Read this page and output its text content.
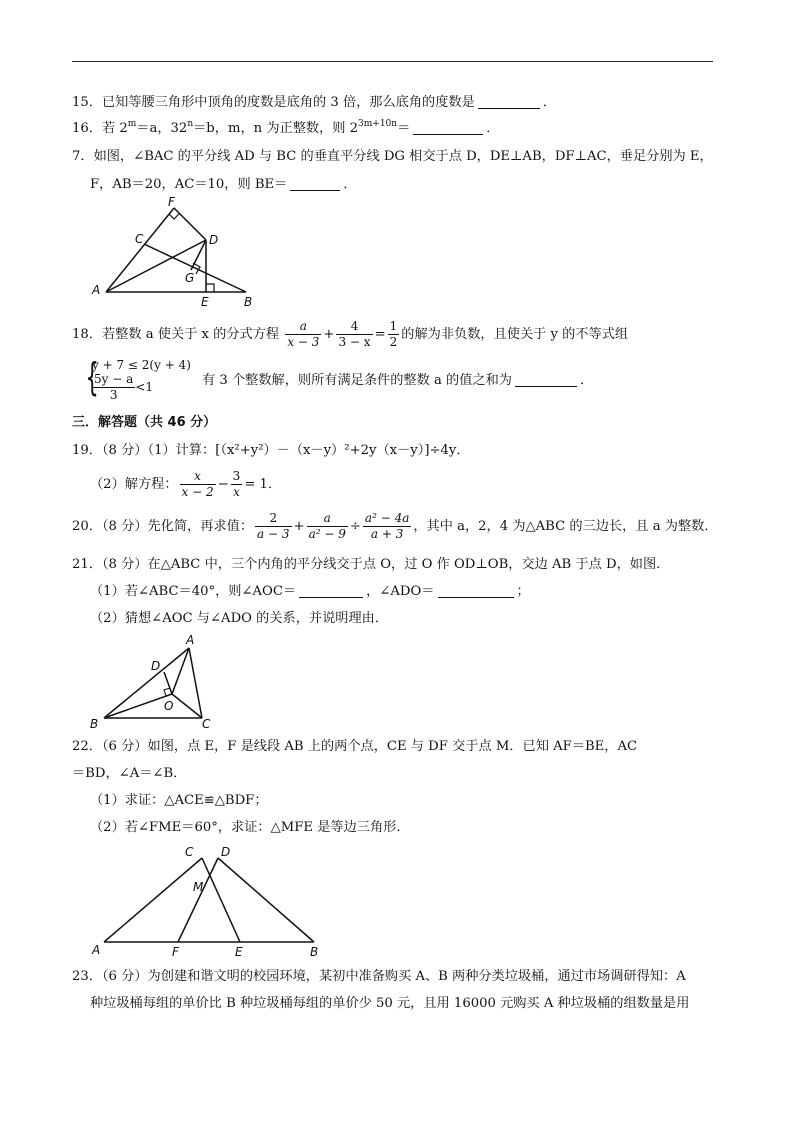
15．已知等腰三角形中顶角的度数是底角的 3 倍，那么底角的度数是	．
16．若 $2^m=a$，$32^n=b$，m，n 为正整数，则 $2^{3m+10n}=$	．
7．如图，∠BAC 的平分线 AD 与 BC 的垂直平分线 DG 相交于点 D，DE⊥AB，DF⊥AC，垂足分别为 E，
F，AB＝20，AC＝10，则 BE＝	．
F
C	D
G
A
E	B
18．若整数 a 使关于 x 的分式方程 $\frac{a}{x - 3} + \frac{4}{3 - x} = \frac{1}{2}$ 的解为非负数，且使关于 y 的不等式组
{
y + 7 ≤ 2(y + 4)
$\frac{5y - a}{3} <1$	有 3 个整数解，则所有满足条件的整数 a 的值之和为	．
三．解答题（共 46 分）
19．（8 分）（1）计算：[（x²+y²）－（x－y）²+2y（x－y）]÷4y．
（2）解方程： $\frac{x}{x - 2} - \frac{3}{x} = 1$．
20．（8 分）先化简，再求值： $\frac{2}{a - 3} + \frac{a}{\text{a² − 9}} \div \frac{\text{a² − 4a}}{a + 3}$ ，其中 a，2，4 为△ABC 的三边长，且 a 为整数．
21．（8 分）在△ABC 中，三个内角的平分线交于点 O，过 O 作 OD⊥OB，交边 AB 于点 D，如图．
（1）若∠ABC＝40°，则∠AOC＝	，∠ADO＝	；
（2）猜想∠AOC 与∠ADO 的关系，并说明理由．
A
D
O
B	C
22．（6 分）如图，点 E，F 是线段 AB 上的两个点，CE 与 DF 交于点 M．已知 AF＝BE，AC
＝BD，∠A＝∠B．
（1）求证：△ACE≌△BDF；
（2）若∠FME＝60°，求证：△MFE 是等边三角形．
C D
M
A	F	E	B
23．（6 分）为创建和谐文明的校园环境，某初中准备购买 A、B 两种分类垃圾桶，通过市场调研得知：A
种垃圾桶每组的单价比 B 种垃圾桶每组的单价少 50 元，且用 16000 元购买 A 种垃圾桶的组数量是用
